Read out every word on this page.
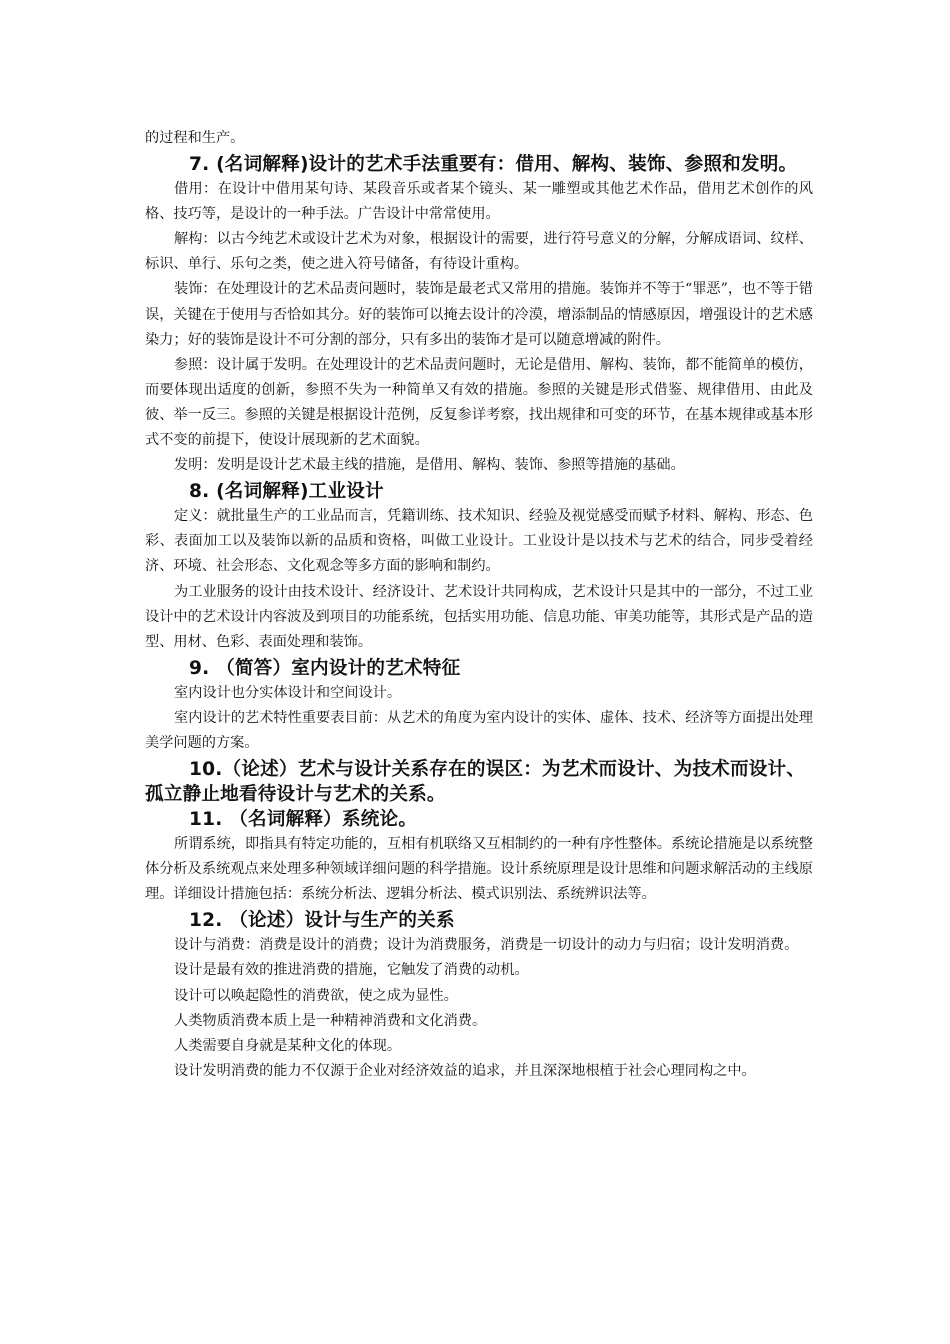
的过程和生产。

7. (名词解释)设计的艺术手法重要有：借用、解构、装饰、参照和发明。

借用：在设计中借用某句诗、某段音乐或者某个镜头、某一雕塑或其他艺术作品，借用艺术创作的风格、技巧等，是设计的一种手法。广告设计中常常使用。

解构：以古今纯艺术或设计艺术为对象，根据设计的需要，进行符号意义的分解，分解成语词、纹样、标识、单行、乐句之类，使之进入符号储备，有待设计重构。

装饰：在处理设计的艺术品责问题时，装饰是最老式又常用的措施。装饰并不等于“罪恶”，也不等于错误，关键在于使用与否恰如其分。好的装饰可以掩去设计的冷漠，增添制品的情感原因，增强设计的艺术感染力；好的装饰是设计不可分割的部分，只有多出的装饰才是可以随意增减的附件。

参照：设计属于发明。在处理设计的艺术品责问题时，无论是借用、解构、装饰，都不能简单的模仿，而要体现出适度的创新，参照不失为一种简单又有效的措施。参照的关键是形式借鉴、规律借用、由此及彼、举一反三。参照的关键是根据设计范例，反复参详考察，找出规律和可变的环节，在基本规律或基本形式不变的前提下，使设计展现新的艺术面貌。

发明：发明是设计艺术最主线的措施，是借用、解构、装饰、参照等措施的基础。

8. (名词解释)工业设计

定义：就批量生产的工业品而言，凭籍训练、技术知识、经验及视觉感受而赋予材料、解构、形态、色彩、表面加工以及装饰以新的品质和资格，叫做工业设计。工业设计是以技术与艺术的结合，同步受着经济、环境、社会形态、文化观念等多方面的影响和制约。

为工业服务的设计由技术设计、经济设计、艺术设计共同构成，艺术设计只是其中的一部分，不过工业设计中的艺术设计内容波及到项目的功能系统，包括实用功能、信息功能、审美功能等，其形式是产品的造型、用材、色彩、表面处理和装饰。

9. （简答）室内设计的艺术特征

室内设计也分实体设计和空间设计。

室内设计的艺术特性重要表目前：从艺术的角度为室内设计的实体、虚体、技术、经济等方面提出处理美学问题的方案。

10.（论述）艺术与设计关系存在的误区：为艺术而设计、为技术而设计、孤立静止地看待设计与艺术的关系。

11. （名词解释）系统论。

所谓系统，即指具有特定功能的，互相有机联络又互相制约的一种有序性整体。系统论措施是以系统整体分析及系统观点来处理多种领域详细问题的科学措施。设计系统原理是设计思维和问题求解活动的主线原理。详细设计措施包括：系统分析法、逻辑分析法、模式识别法、系统辨识法等。

12. （论述）设计与生产的关系

设计与消费：消费是设计的消费；设计为消费服务，消费是一切设计的动力与归宿；设计发明消费。

设计是最有效的推进消费的措施，它触发了消费的动机。

设计可以唤起隐性的消费欲，使之成为显性。

人类物质消费本质上是一种精神消费和文化消费。

人类需要自身就是某种文化的体现。

设计发明消费的能力不仅源于企业对经济效益的追求，并且深深地根植于社会心理同构之中。
